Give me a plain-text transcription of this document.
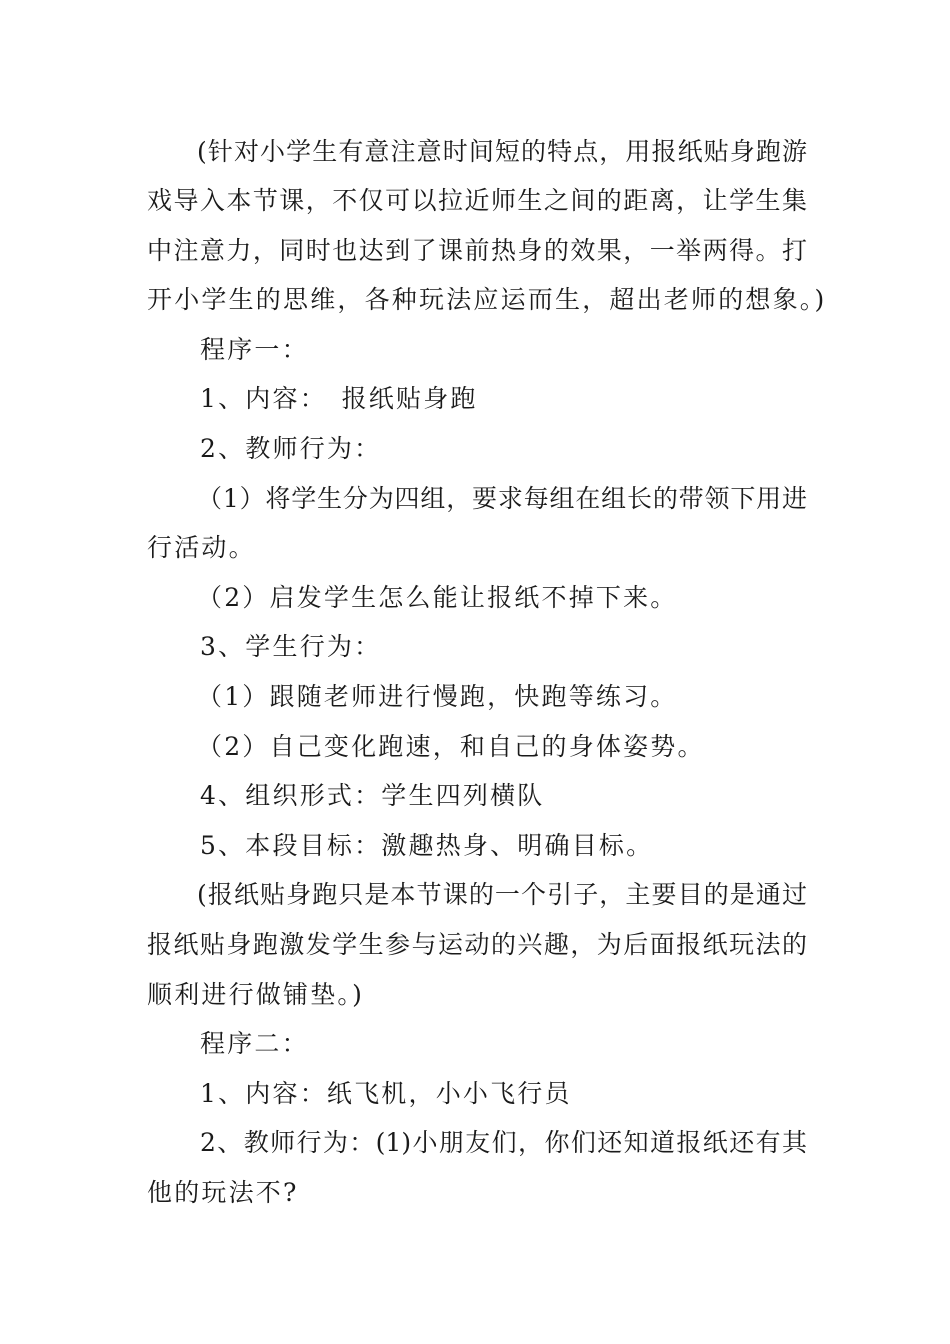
(针对小学生有意注意时间短的特点，用报纸贴身跑游
戏导入本节课，不仅可以拉近师生之间的距离，让学生集
中注意力，同时也达到了课前热身的效果，一举两得。打
开小学生的思维，各种玩法应运而生，超出老师的想象。)
程序一：
1、内容：　报纸贴身跑
2、教师行为：
（1）将学生分为四组，要求每组在组长的带领下用进
行活动。
（2）启发学生怎么能让报纸不掉下来。
3、学生行为：
（1）跟随老师进行慢跑，快跑等练习。
（2）自己变化跑速，和自己的身体姿势。
4、组织形式：学生四列横队
5、本段目标：激趣热身、明确目标。
(报纸贴身跑只是本节课的一个引子，主要目的是通过
报纸贴身跑激发学生参与运动的兴趣，为后面报纸玩法的
顺利进行做铺垫。)
程序二：
1、内容：纸飞机，小小飞行员
2、教师行为：(1)小朋友们，你们还知道报纸还有其
他的玩法不?
